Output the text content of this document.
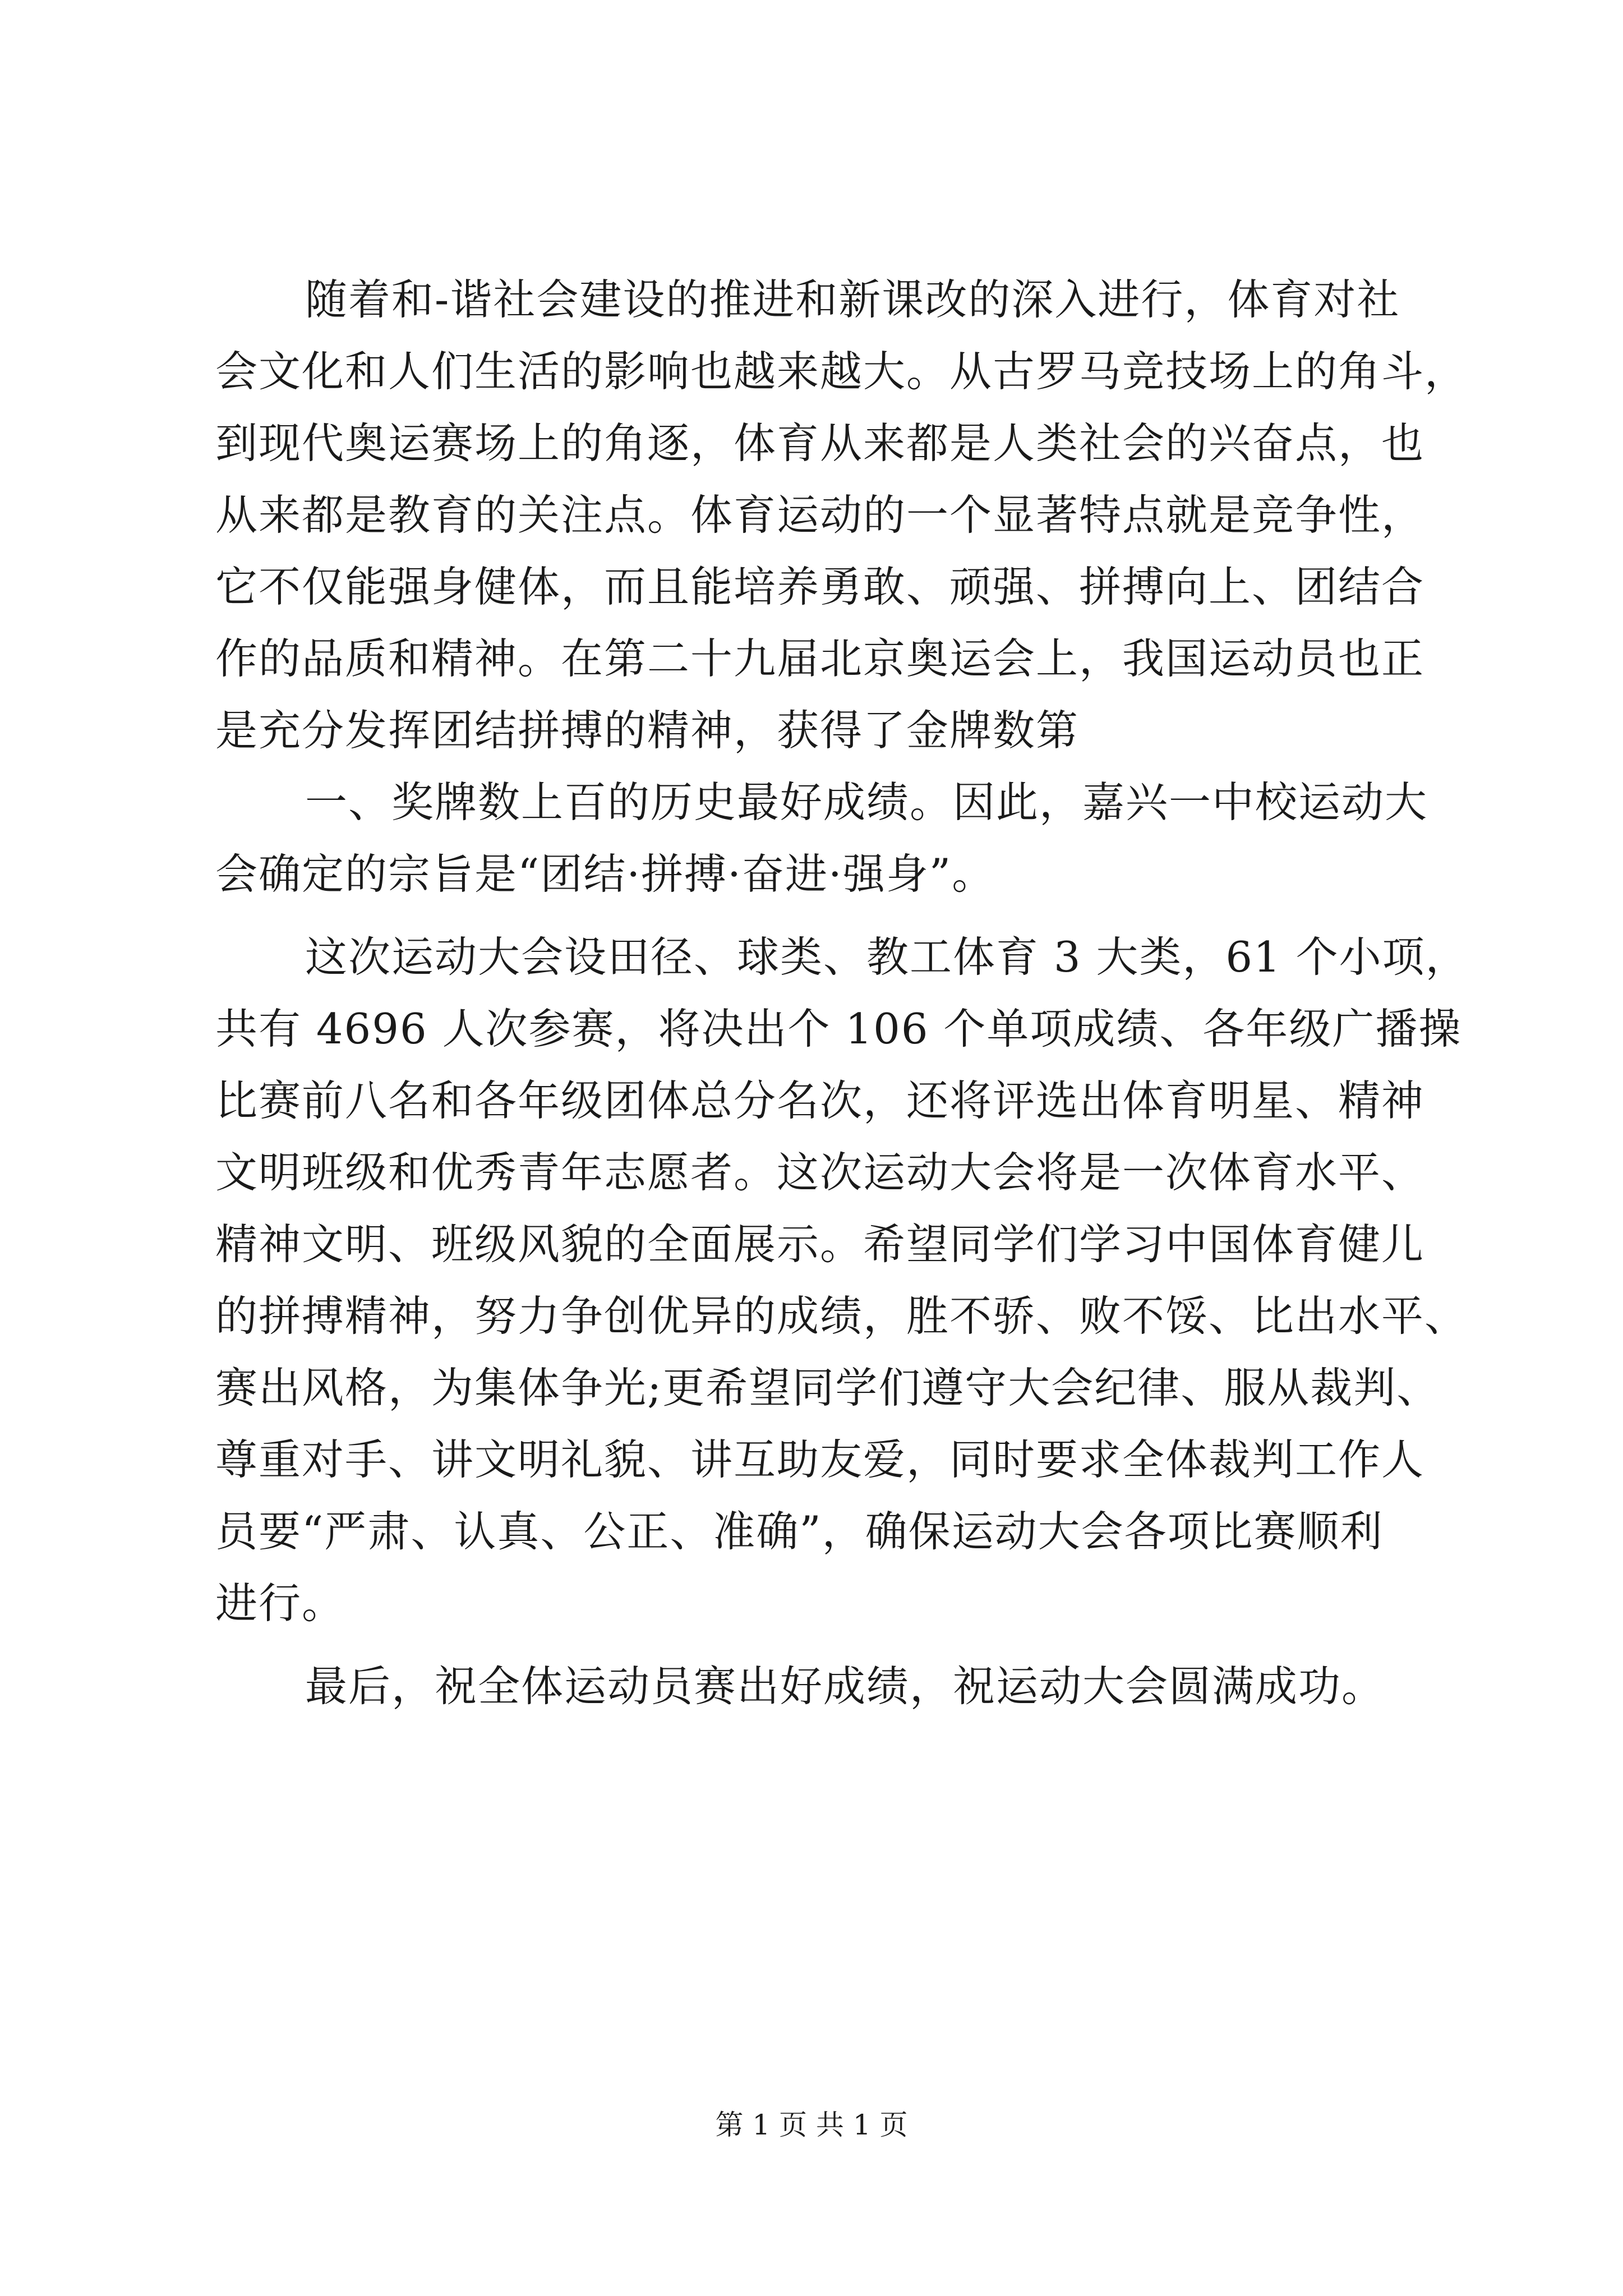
随着和-谐社会建设的推进和新课改的深入进行，体育对社
会文化和人们生活的影响也越来越大。从古罗马竞技场上的角斗，
到现代奥运赛场上的角逐，体育从来都是人类社会的兴奋点，也
从来都是教育的关注点。体育运动的一个显著特点就是竞争性，
它不仅能强身健体，而且能培养勇敢、顽强、拼搏向上、团结合
作的品质和精神。在第二十九届北京奥运会上，我国运动员也正
是充分发挥团结拼搏的精神，获得了金牌数第
一、奖牌数上百的历史最好成绩。因此，嘉兴一中校运动大
会确定的宗旨是“团结·拼搏·奋进·强身”。
这次运动大会设田径、球类、教工体育 3 大类，61 个小项，
共有 4696 人次参赛，将决出个 106 个单项成绩、各年级广播操
比赛前八名和各年级团体总分名次，还将评选出体育明星、精神
文明班级和优秀青年志愿者。这次运动大会将是一次体育水平、
精神文明、班级风貌的全面展示。希望同学们学习中国体育健儿
的拼搏精神，努力争创优异的成绩，胜不骄、败不馁、比出水平、
赛出风格，为集体争光;更希望同学们遵守大会纪律、服从裁判、
尊重对手、讲文明礼貌、讲互助友爱，同时要求全体裁判工作人
员要“严肃、认真、公正、准确”，确保运动大会各项比赛顺利
进行。
最后，祝全体运动员赛出好成绩，祝运动大会圆满成功。
第 1 页 共 1 页
